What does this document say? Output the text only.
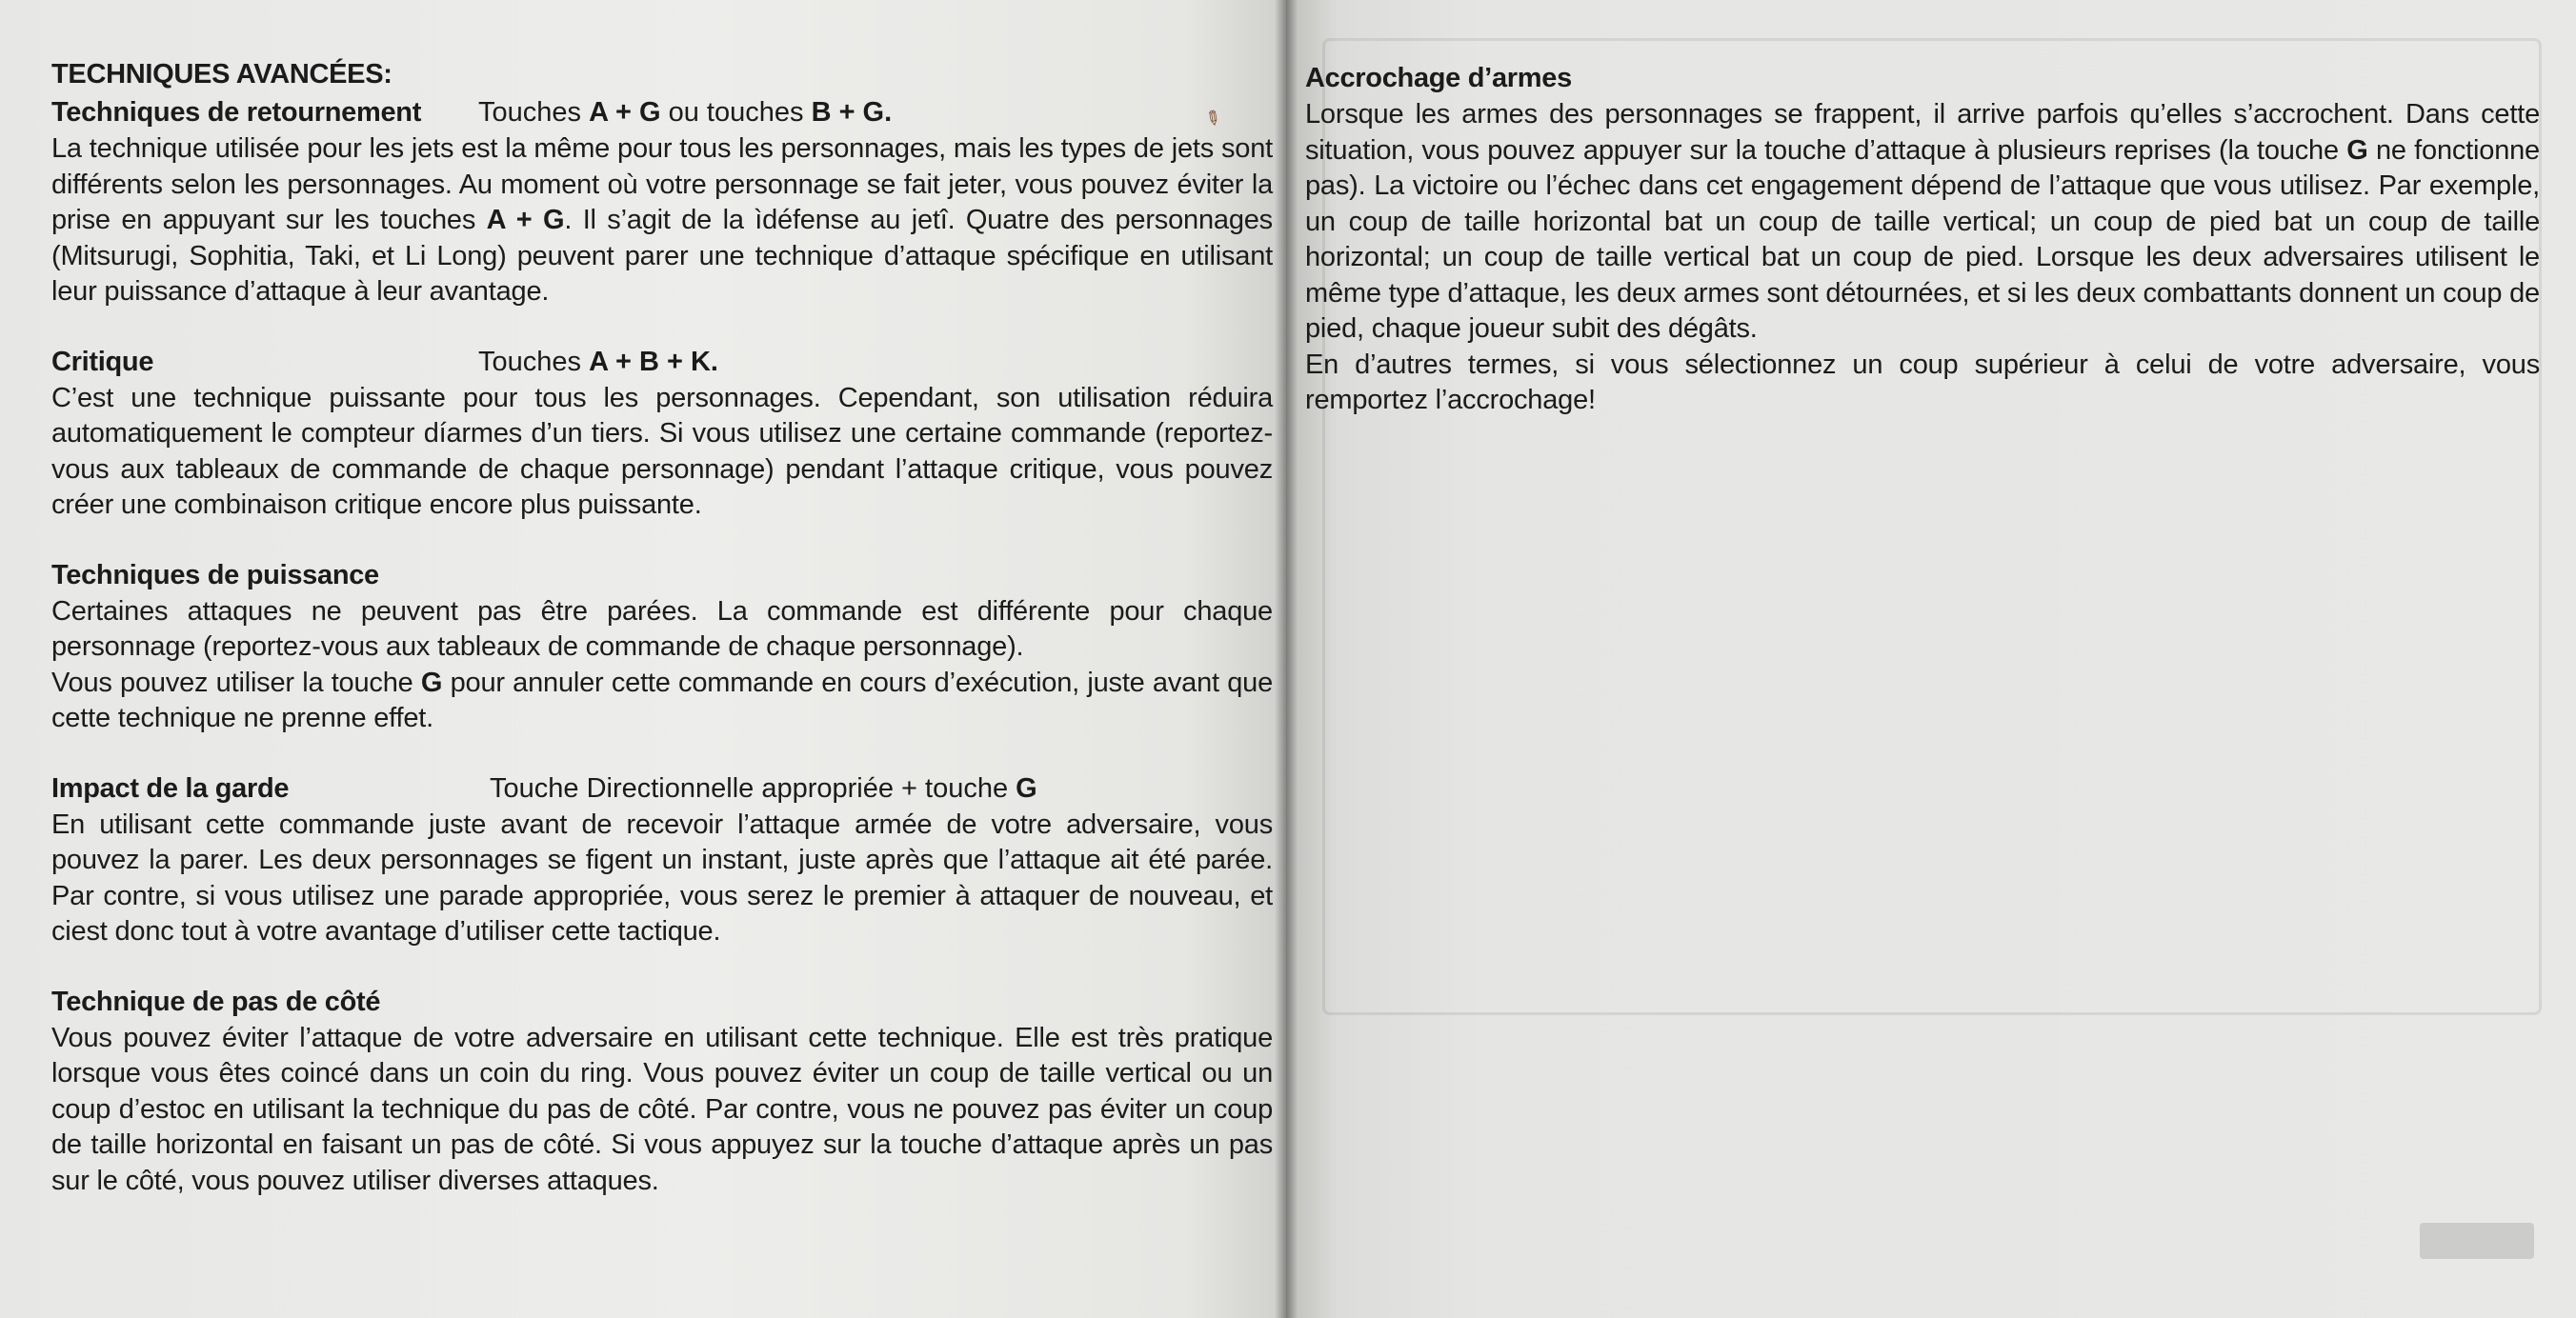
✎
TECHNIQUES AVANCÉES:
Techniques de retournement Touches A + G ou touches B + G.

La technique utilisée pour les jets est la même pour tous les personnages, mais les types de jets sont différents selon les personnages. Au moment où votre personnage se fait jeter, vous pouvez éviter la prise en appuyant sur les touches A + G. Il s’agit de la ìdéfense au jetî. Quatre des personnages (Mitsurugi, Sophitia, Taki, et Li Long) peuvent parer une technique d’attaque spécifique en utilisant leur puissance d’attaque à leur avantage.

Critique	Touches A + B + K.

C’est une technique puissante pour tous les personnages. Cependant, son utilisation réduira automatiquement le compteur díarmes d’un tiers. Si vous utilisez une certaine commande (reportez-vous aux tableaux de commande de chaque personnage) pendant l’attaque critique, vous pouvez créer une combinaison critique encore plus puissante.

Techniques de puissance

Certaines attaques ne peuvent pas être parées. La commande est différente pour chaque personnage (reportez-vous aux tableaux de commande de chaque personnage).

Vous pouvez utiliser la touche G pour annuler cette commande en cours d’exécution, juste avant que cette technique ne prenne effet.

Impact de la garde	Touche Directionnelle appropriée + touche G

En utilisant cette commande juste avant de recevoir l’attaque armée de votre adversaire, vous pouvez la parer. Les deux personnages se figent un instant, juste après que l’attaque ait été parée. Par contre, si vous utilisez une parade appropriée, vous serez le premier à attaquer de nouveau, et ciest donc tout à votre avantage d’utiliser cette tactique.

Technique de pas de côté

Vous pouvez éviter l’attaque de votre adversaire en utilisant cette technique. Elle est très pratique lorsque vous êtes coincé dans un coin du ring. Vous pouvez éviter un coup de taille vertical ou un coup d’estoc en utilisant la technique du pas de côté. Par contre, vous ne pouvez pas éviter un coup de taille horizontal en faisant un pas de côté. Si vous appuyez sur la touche d’attaque après un pas sur le côté, vous pouvez utiliser diverses attaques.

Accrochage d’armes

Lorsque les armes des personnages se frappent, il arrive parfois qu’elles s’accrochent. Dans cette situation, vous pouvez appuyer sur la touche d’attaque à plusieurs reprises (la touche G ne fonctionne pas). La victoire ou l’échec dans cet engagement dépend de l’attaque que vous utilisez. Par exemple, un coup de taille horizontal bat un coup de taille vertical; un coup de pied bat un coup de taille horizontal; un coup de taille vertical bat un coup de pied. Lorsque les deux adversaires utilisent le même type d’attaque, les deux armes sont détournées, et si les deux combattants donnent un coup de pied, chaque joueur subit des dégâts.

En d’autres termes, si vous sélectionnez un coup supérieur à celui de votre adversaire, vous remportez l’accrochage!
